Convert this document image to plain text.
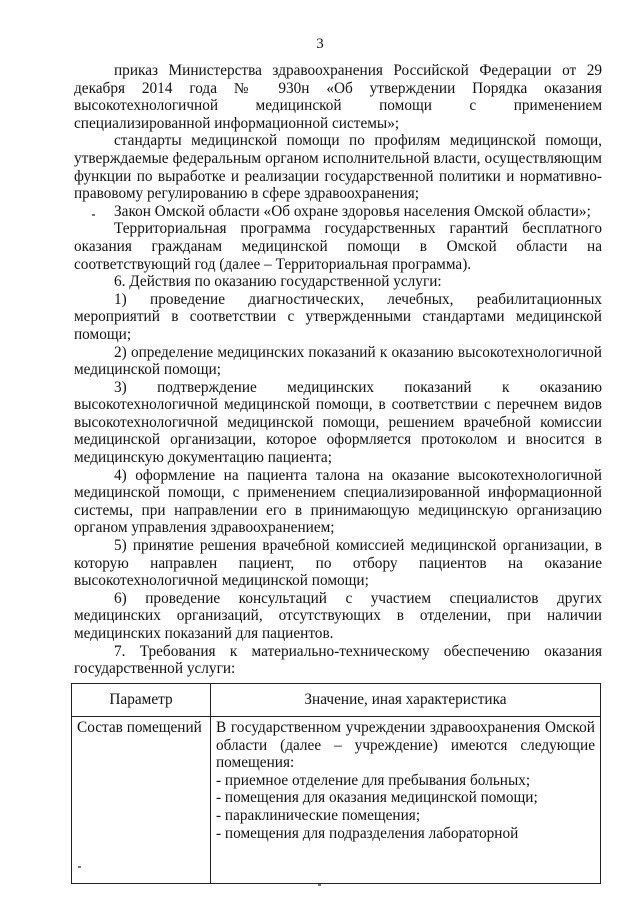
3

приказ Министерства здравоохранения Российской Федерации от 29 декабря 2014 года № 930н «Об утверждении Порядка оказания высокотехнологичной медицинской помощи с применением специализированной информационной системы»;

стандарты медицинской помощи по профилям медицинской помощи, утверждаемые федеральным органом исполнительной власти, осуществляющим функции по выработке и реализации государственной политики и нормативно-правовому регулированию в сфере здравоохранения;

Закон Омской области «Об охране здоровья населения Омской области»;

Территориальная программа государственных гарантий бесплатного оказания гражданам медицинской помощи в Омской области на соответствующий год (далее – Территориальная программа).

6. Действия по оказанию государственной услуги:

1) проведение диагностических, лечебных, реабилитационных мероприятий в соответствии с утвержденными стандартами медицинской помощи;

2) определение медицинских показаний к оказанию высокотехнологичной медицинской помощи;

3) подтверждение медицинских показаний к оказанию высокотехнологичной медицинской помощи, в соответствии с перечнем видов высокотехнологичной медицинской помощи, решением врачебной комиссии медицинской организации, которое оформляется протоколом и вносится в медицинскую документацию пациента;

4) оформление на пациента талона на оказание высокотехнологичной медицинской помощи, с применением специализированной информационной системы, при направлении его в принимающую медицинскую организацию органом управления здравоохранением;

5) принятие решения врачебной комиссией медицинской организации, в которую направлен пациент, по отбору пациентов на оказание высокотехнологичной медицинской помощи;

6) проведение консультаций с участием специалистов других медицинских организаций, отсутствующих в отделении, при наличии медицинских показаний для пациентов.

7. Требования к материально-техническому обеспечению оказания государственной услуги:

Параметр	Значение, иная характеристика
Состав помещений	В государственном учреждении здравоохранения Омской области (далее – учреждение) имеются следующие помещения:
- приемное отделение для пребывания больных;
- помещения для оказания медицинской помощи;
- параклинические помещения;
- помещения для подразделения лабораторной
